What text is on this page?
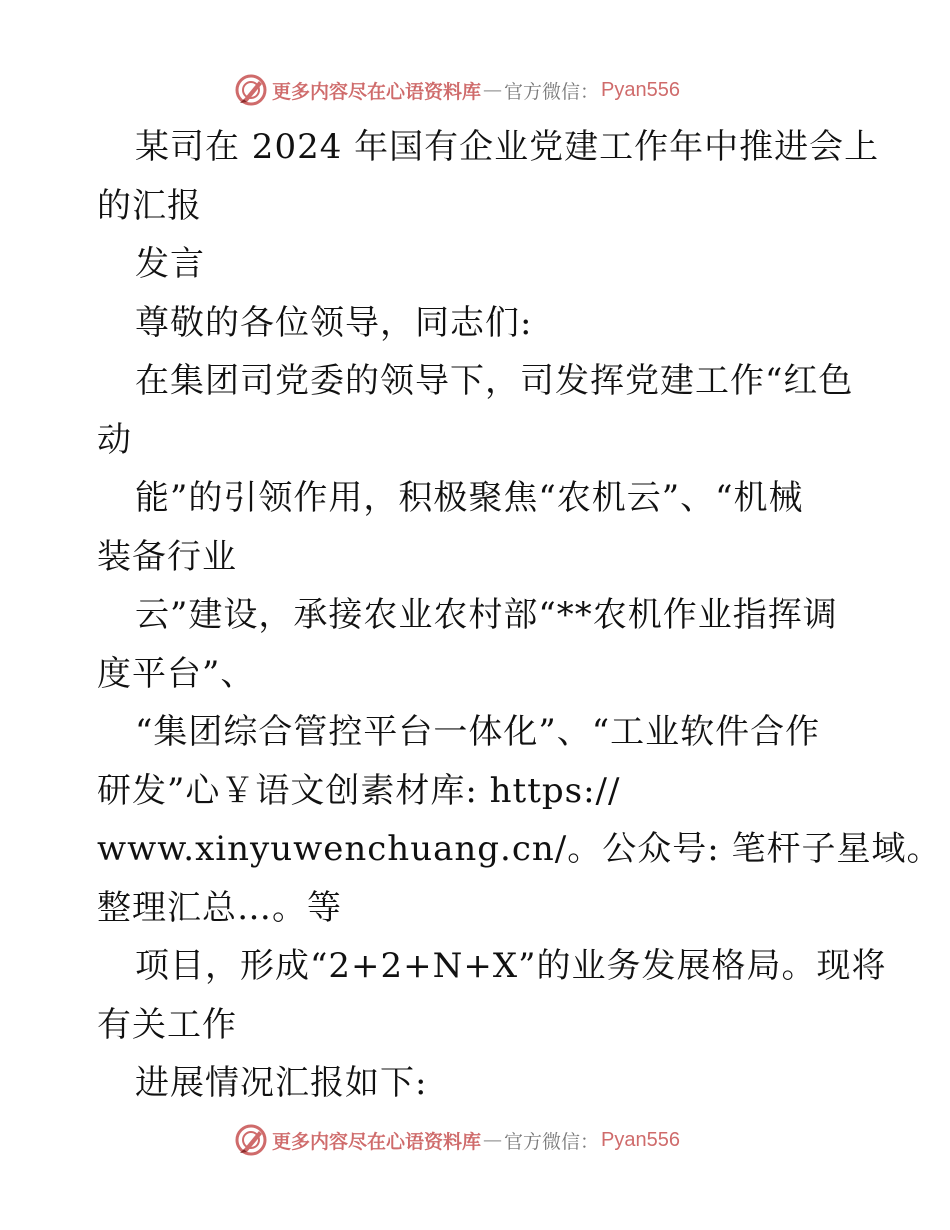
更多内容尽在心语资料库 — 官方微信： Pyan556
某司在 2024 年国有企业党建工作年中推进会上
的汇报
发言
尊敬的各位领导，同志们:
在集团司党委的领导下，司发挥党建工作“红色
动
能”的引领作用，积极聚焦“农机云”、“机械
装备行业
云”建设，承接农业农村部“**农机作业指挥调
度平台”、
“集团综合管控平台一体化”、“工业软件合作
研发”心￥语文创素材库: https://
www.xinyuwenchuang.cn/。公众号: 笔杆子星域。
整理汇总…。等
项目，形成“2+2+N+X”的业务发展格局。现将
有关工作
进展情况汇报如下:
更多内容尽在心语资料库 — 官方微信： Pyan556
